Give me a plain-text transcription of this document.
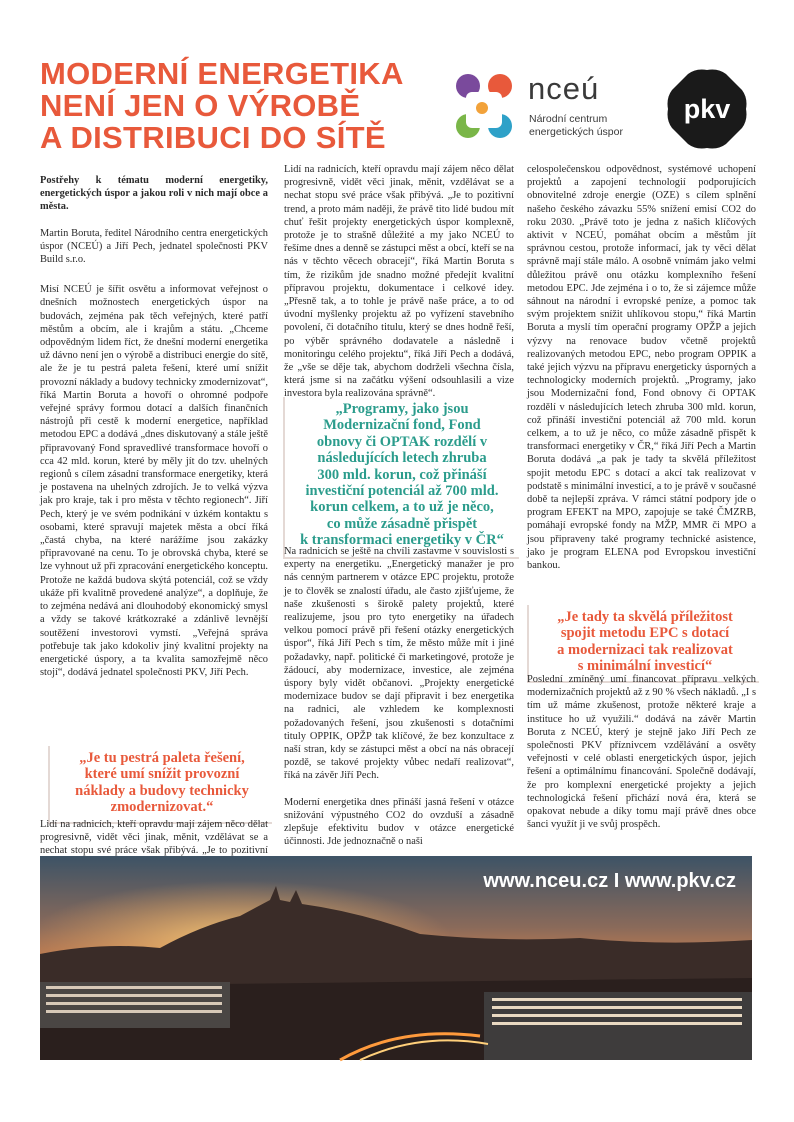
MODERNÍ ENERGETIKA
NENÍ JEN O VÝROBĚ
A DISTRIBUCI DO SÍTĚ
nceú
Národní centrum
energetických úspor
pkv

Postřehy k tématu moderní energetiky, energetických úspor a jakou roli v nich mají obce a města.

Martin Boruta, ředitel Národního centra energetických úspor (NCEÚ) a Jiří Pech, jednatel společnosti PKV Build s.r.o.

Misí NCEÚ je šířit osvětu a informovat veřejnost o dnešních možnostech energetických úspor na budovách, zejména pak těch veřejných, které patří městům a obcím, ale i krajům a státu. „Chceme odpovědným lidem říct, že dnešní moderní energetika už dávno není jen o výrobě a distribuci energie do sítě, ale že je tu pestrá paleta řešení, které umí snížit provozní náklady a budovy technicky zmodernizovat“, říká Martin Boruta a hovoří o ohromné podpoře veřejné správy formou dotací a dalších finančních nástrojů při cestě k moderní energetice, například metodou EPC a dodává „dnes diskutovaný a stále ještě připravovaný Fond spravedlivé transformace hovoří o cca 42 mld. korun, které by měly jít do tzv. uhelných regionů s cílem zásadní transformace energetiky, která je postavena na uhelných zdrojích. Je to velká výzva jak pro kraje, tak i pro města v těchto regionech“. Jiří Pech, který je ve svém podnikání v úzkém kontaktu s osobami, které spravují majetek města a obcí říká „častá chyba, na které narážíme jsou zakázky připravované na cenu. To je obrovská chyba, které se lze vyhnout už při zpracování energetického konceptu. Protože ne každá budova skýtá potenciál, což se vždy ukáže při kvalitně provedené analýze“, a doplňuje, že to zejména nedává ani dlouhodobý ekonomický smysl a vždy se takové krátkozraké a zdánlivě levnější soutěžení investorovi vymstí. „Veřejná správa potřebuje tak jako kdokoliv jiný kvalitní projekty na energetické úspory, a ta kvalita samozřejmě něco stojí“, dodává jednatel společnosti PKV, Jiří Pech.

„Je tu pestrá paleta řešení,
které umí snížit provozní
náklady a budovy technicky
zmodernizovat.“

Lidí na radnicích, kteří opravdu mají zájem něco dělat progresivně, vidět věci jinak, měnit, vzdělávat se a nechat stopu své práce však přibývá. „Je to pozitivní

Lidí na radnicích, kteří opravdu mají zájem něco dělat progresivně, vidět věci jinak, měnit, vzdělávat se a nechat stopu své práce však přibývá. „Je to pozitivní trend, a proto mám naději, že právě tito lidé budou mít chuť řešit projekty energetických úspor komplexně, protože je to strašně důležité a my jako NCEÚ to řešíme dnes a denně se zástupci měst a obcí, kteří se na nás v těchto věcech obracejí“, říká Martin Boruta s tím, že rizikům jde snadno možné předejít kvalitní přípravou projektu, dokumentace i celkové idey. „Přesně tak, a to tohle je právě naše práce, a to od úvodní myšlenky projektu až po vyřízení stavebního povolení, či dotačního titulu, který se dnes hodně řeší, po výběr správného dodavatele a následně i monitoringu celého projektu“, říká Jiří Pech a dodává, že „vše se děje tak, abychom dodrželi všechna čísla, která jsme si na začátku výšení odsouhlasili a vize investora byla realizována správně“.

„Programy, jako jsou
Modernizační fond, Fond
obnovy či OPTAK rozdělí v
následujících letech zhruba
300 mld. korun, což přináší
investiční potenciál až 700 mld.
korun celkem, a to už je něco,
co může zásadně přispět
k transformaci energetiky v ČR“

Na radnicích se ještě na chvíli zastavme v souvislosti s experty na energetiku. „Energetický manažer je pro nás cenným partnerem v otázce EPC projektu, protože je to člověk se znalostí úřadu, ale často zjišťujeme, že naše zkušenosti s širokě palety projektů, které realizujeme, jsou pro tyto energetiky na úřadech velkou pomocí právě při řešení otázky energetických úspor“, říká Jiří Pech s tím, že město může mít i jiné požadavky, např. politické či marketingové, protože je žádoucí, aby modernizace, investice, ale zejména úspory byly vidět občanovi. „Projekty energetické modernizace budov se dají připravit i bez energetika na radnici, ale vzhledem ke komplexnosti požadovaných řešení, jsou zkušenosti s dotačními tituly OPPIK, OPŽP tak klíčové, že bez konzultace z naší stran, kdy se zástupci měst a obcí na nás obracejí pozdě, se takové projekty vůbec nedaří realizovat“, říká na závěr Jiří Pech.

Moderní energetika dnes přináší jasná řešení v otázce snižování výpustného CO2 do ovzduší a zásadně zlepšuje efektivitu budov v otázce energetické účinnosti. Jde jednoznačně o naši

celospolečenskou odpovědnost, systémové uchopení projektů a zapojení technologií podporujících obnovitelné zdroje energie (OZE) s cílem splnění našeho českého závazku 55% snížení emisí CO2 do roku 2030. „Právě toto je jedna z našich klíčových aktivit v NCEÚ, pomáhat obcím a městům jít správnou cestou, protože informací, jak ty věci dělat správně mají stále málo. A osobně vnímám jako velmi důležitou právě onu otázku komplexního řešení metodou EPC. Jde zejména i o to, že si zájemce může sáhnout na národní i evropské peníze, a pomoc tak svým projektem snížit uhlíkovou stopu,“ říká Martin Boruta a myslí tím operační programy OPŽP a jejich výzvy na renovace budov včetně projektů realizovaných metodou EPC, nebo program OPPIK a také jejich výzvu na přípravu energeticky úsporných a technologicky moderních projektů. „Programy, jako jsou Modernizační fond, Fond obnovy či OPTAK rozdělí v následujících letech zhruba 300 mld. korun, což přináší investiční potenciál až 700 mld. korun celkem, a to už je něco, co může zásadně přispět k transformaci energetiky v ČR,“ říká Jiří Pech a Martin Boruta dodává „a pak je tady ta skvělá příležitost spojit metodu EPC s dotací a akcí tak realizovat v podstatě s minimální investicí, a to je právě v současné době ta nejlepší zpráva. V rámci státní podpory jde o program EFEKT na MPO, zapojuje se také ČMZRB, pomáhají evropské fondy na MŽP, MMR či MPO a jsou připraveny také programy technické asistence, jako je program ELENA pod Evropskou investiční bankou.

„Je tady ta skvělá příležitost
spojit metodu EPC s dotací
a modernizaci tak realizovat
s minimální investicí“

Poslední zmíněný umí financovat přípravu velkých modernizačních projektů až z 90 % všech nákladů. „I s tím už máme zkušenost, protože některé kraje a instituce ho už využili.“ dodává na závěr Martin Boruta z NCEÚ, který je stejně jako Jiří Pech ze společnosti PKV příznivcem vzdělávání a osvěty veřejnosti v celé oblasti energetických úspor, jejich řešení a optimálnímu financování. Společně dodávají, že pro komplexní energetické projekty a jejich technologická řešení přichází nová éra, která se opakovat nebude a díky tomu mají právě dnes obce šanci využít ji ve svůj prospěch.

www.nceu.cz I www.pkv.cz
